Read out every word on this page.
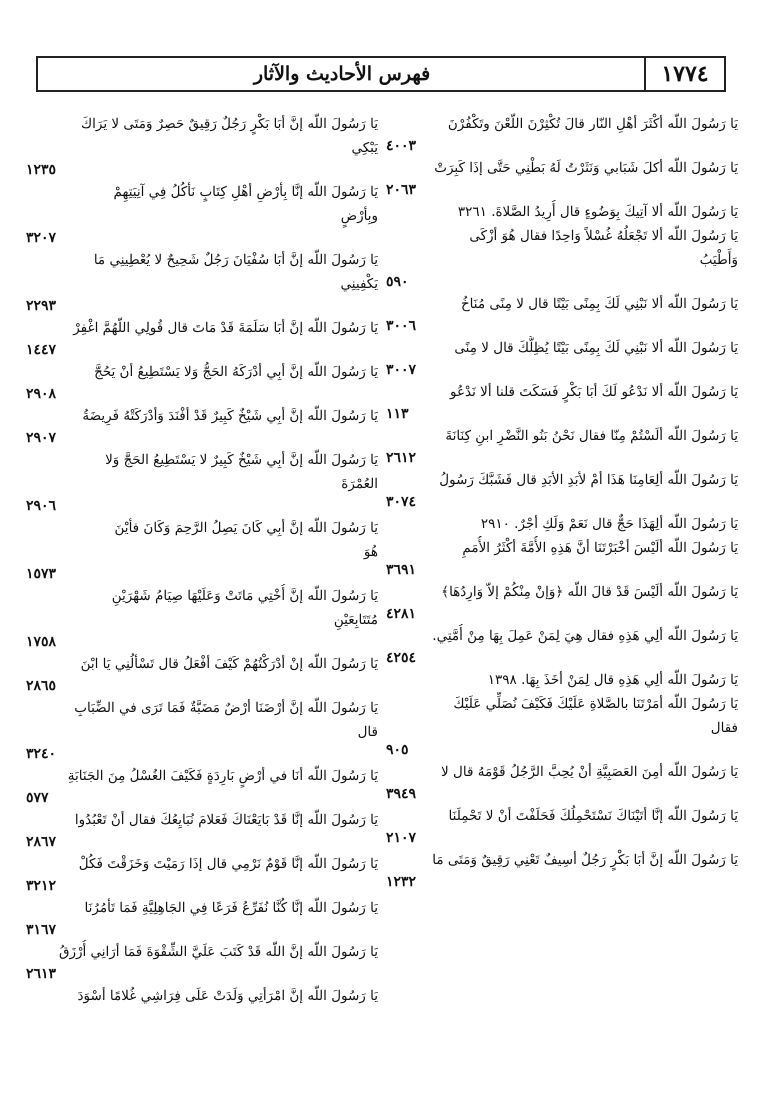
١٧٧٤
فهرس الأحاديث والآثار
يَا رَسُولَ اللّه أكْثَرَ أهْلِ النّار قالَ تُكْثِرْنَ اللّعْنَ وتَكْفُرْنَ
٤٠٠٣
يَا رَسُولَ اللّه أكلَ شَبَابي وَنَثَرْتُ لَهُ بَطْنِي حَتَّى إذَا كَبِرَتْ
٢٠٦٣
يَا رَسُولَ اللّه ألا آتِيكَ بِوَضُوءٍ قال أُرِيدُ الصَّلاةَ. ٣٢٦١
يَا رَسُولَ اللّه ألا تَجْعَلُهُ غُسْلاً وَاحِدًا فقال هُوَ أزْكَى
وَأَطْيَبُ
٥٩٠
يَا رَسُولَ اللّه ألا نَبْنِي لَكَ بِمِنًى بَيْتًا قال لا مِنًى مُنَاخُ
٣٠٠٦
يَا رَسُولَ اللّه ألا نَبْنِي لَكَ بِمِنًى بَيْتًا يُظِلُّكَ قال لا مِنًى
٣٠٠٧
يَا رَسُولَ اللّه ألا نَدْعُو لَكَ أبَا بَكْرٍ فَسَكَتَ قلنا ألا نَدْعُو
١١٣
يَا رَسُولَ اللّه ألَسْتُمْ مِنّا فقال نَحْنُ بَنُو النَّضْرِ ابنِ كِنَانَةَ
٢٦١٢
يَا رَسُولَ اللّه ألِعَامِنَا هَذَا أمْ لأبَدِ الأبَدِ قال فَشَبَّكَ رَسُولُ
٣٠٧٤
يَا رَسُولَ اللّه ألِهَذَا حَجٌّ قال نَعَمْ وَلَكِ أجْرٌ. ٢٩١٠
يَا رَسُولَ اللّه ألَيْسَ أخْبَرْتَنَا أنَّ هَذِهِ الأُمَّةَ أكْثَرُ الأُمَمِ
٣٦٩١
يَا رَسُولَ اللّه ألَيْسَ قَدْ قالَ اللّه ﴿وَإنْ مِنْكُمْ إلاّ وَارِدُهَا﴾
٤٢٨١
يَا رَسُولَ اللّه ألِي هَذِهِ فقال هِيَ لِمَنْ عَمِلَ بِهَا مِنْ أُمَّتِي.
٤٢٥٤
يَا رَسُولَ اللّه ألِي هَذِهِ قال لِمَنْ أخَذَ بِهَا. ١٣٩٨
يَا رَسُولَ اللّه أمَرْتَنَا بالصَّلاةِ عَلَيْكَ فَكَيْفَ نُصَلِّي عَلَيْكَ
فقال
٩٠٥
يَا رَسُولَ اللّه أمِنَ العَصَبِيَّةِ أنْ يُحِبَّ الرَّجُلُ قَوْمَهُ قال لا
٣٩٤٩
يَا رَسُولَ اللّه إنَّا أتَيْنَاكَ نَسْتَحْمِلُكَ فَحَلَفْتَ أنْ لا تَحْمِلَنَا
٢١٠٧
يَا رَسُولَ اللّه إنَّ أبَا بَكْرٍ رَجُلٌ أسِيفٌ تَعْنِي رَقِيقٌ وَمَتَى مَا
١٢٣٢
يَا رَسُولَ اللّه إنَّ أبَا بَكْرٍ رَجُلٌ رَقِيقٌ حَصِرٌ وَمَتَى لا يَرَاكَ
يَبْكِي
١٢٣٥
يَا رَسُولَ اللّه إنَّا بِأرْضِ أهْلِ كِتَابٍ نَأكُلُ فِي آنِيَتِهِمْ
وبِأرْضٍ
٣٢٠٧
يَا رَسُولَ اللّه إنَّ أبَا سُفْيَانَ رَجُلٌ شَحِيحٌ لا يُعْطِينِي مَا
يَكْفِينِي
٢٢٩٣
يَا رَسُولَ اللّه إنَّ أبَا سَلَمَةَ قَدْ مَاتَ قال قُولِي اللّهُمَّ اغْفِرْ
١٤٤٧
يَا رَسُولَ اللّه إنَّ أبِي أدْرَكَهُ الحَجُّ وَلا يَسْتَطِيعُ أنْ يَحُجَّ
٢٩٠٨
يَا رَسُولَ اللّه إنَّ أبِي شَيْخٌ كَبِيرٌ قَدْ أفْنَدَ وَأدْرَكَتْهُ فَرِيضَةُ
٢٩٠٧
يَا رَسُولَ اللّه إنَّ أبِي شَيْخٌ كَبِيرٌ لا يَسْتَطِيعُ الحَجَّ وَلا
العُمْرَةَ
٢٩٠٦
يَا رَسُولَ اللّه إنَّ أبِي كَانَ يَصِلُ الرَّحِمَ وَكَانَ فأيْنَ
هُوَ
١٥٧٣
يَا رَسُولَ اللّه إنَّ أُخْتِي مَاتَتْ وَعَلَيْهَا صِيَامُ شَهْرَيْنِ
مُتَتَابِعَيْنِ
١٧٥٨
يَا رَسُولَ اللّه إنْ أدْرَكْتُهُمْ كَيْفَ أفْعَلُ قال تَسْألُنِي يَا ابْنَ
٢٨٦٥
يَا رَسُولَ اللّه إنَّ أرْضَنَا أرْضٌ مَضَبَّةٌ فَمَا تَرَى في الضِّبَابِ
قال
٣٢٤٠
يَا رَسُولَ اللّه أنَا في أرْضٍ بَارِدَةٍ فَكَيْفَ الغُسْلُ مِنَ الجَنَابَةِ
٥٧٧
يَا رَسُولَ اللّه إنَّا قَدْ بَايَعْنَاكَ فَعَلامَ نُبَايِعُكَ فقال أنْ تَعْبُدُوا
٢٨٦٧
يَا رَسُولَ اللّه إنَّا قَوْمٌ نَرْمِي قال إذَا رَمَيْتَ وَخَزَقْتَ فَكُلْ
٣٢١٢
يَا رَسُولَ اللّه إنَّا كُنَّا نُفَرِّعُ فَرَعًا فِي الجَاهِلِيَّةِ فَمَا تَأمُرُنَا
٣١٦٧
يَا رَسُولَ اللّه إنَّ اللّه قَدْ كَتَبَ عَلَيَّ الشِّقْوَةَ فَمَا أرَانِي أُرْزَقُ
٢٦١٣
يَا رَسُولَ اللّه إنَّ امْرَأتِي وَلَدَتْ عَلَى فِرَاشِي غُلامًا أسْوَدَ
